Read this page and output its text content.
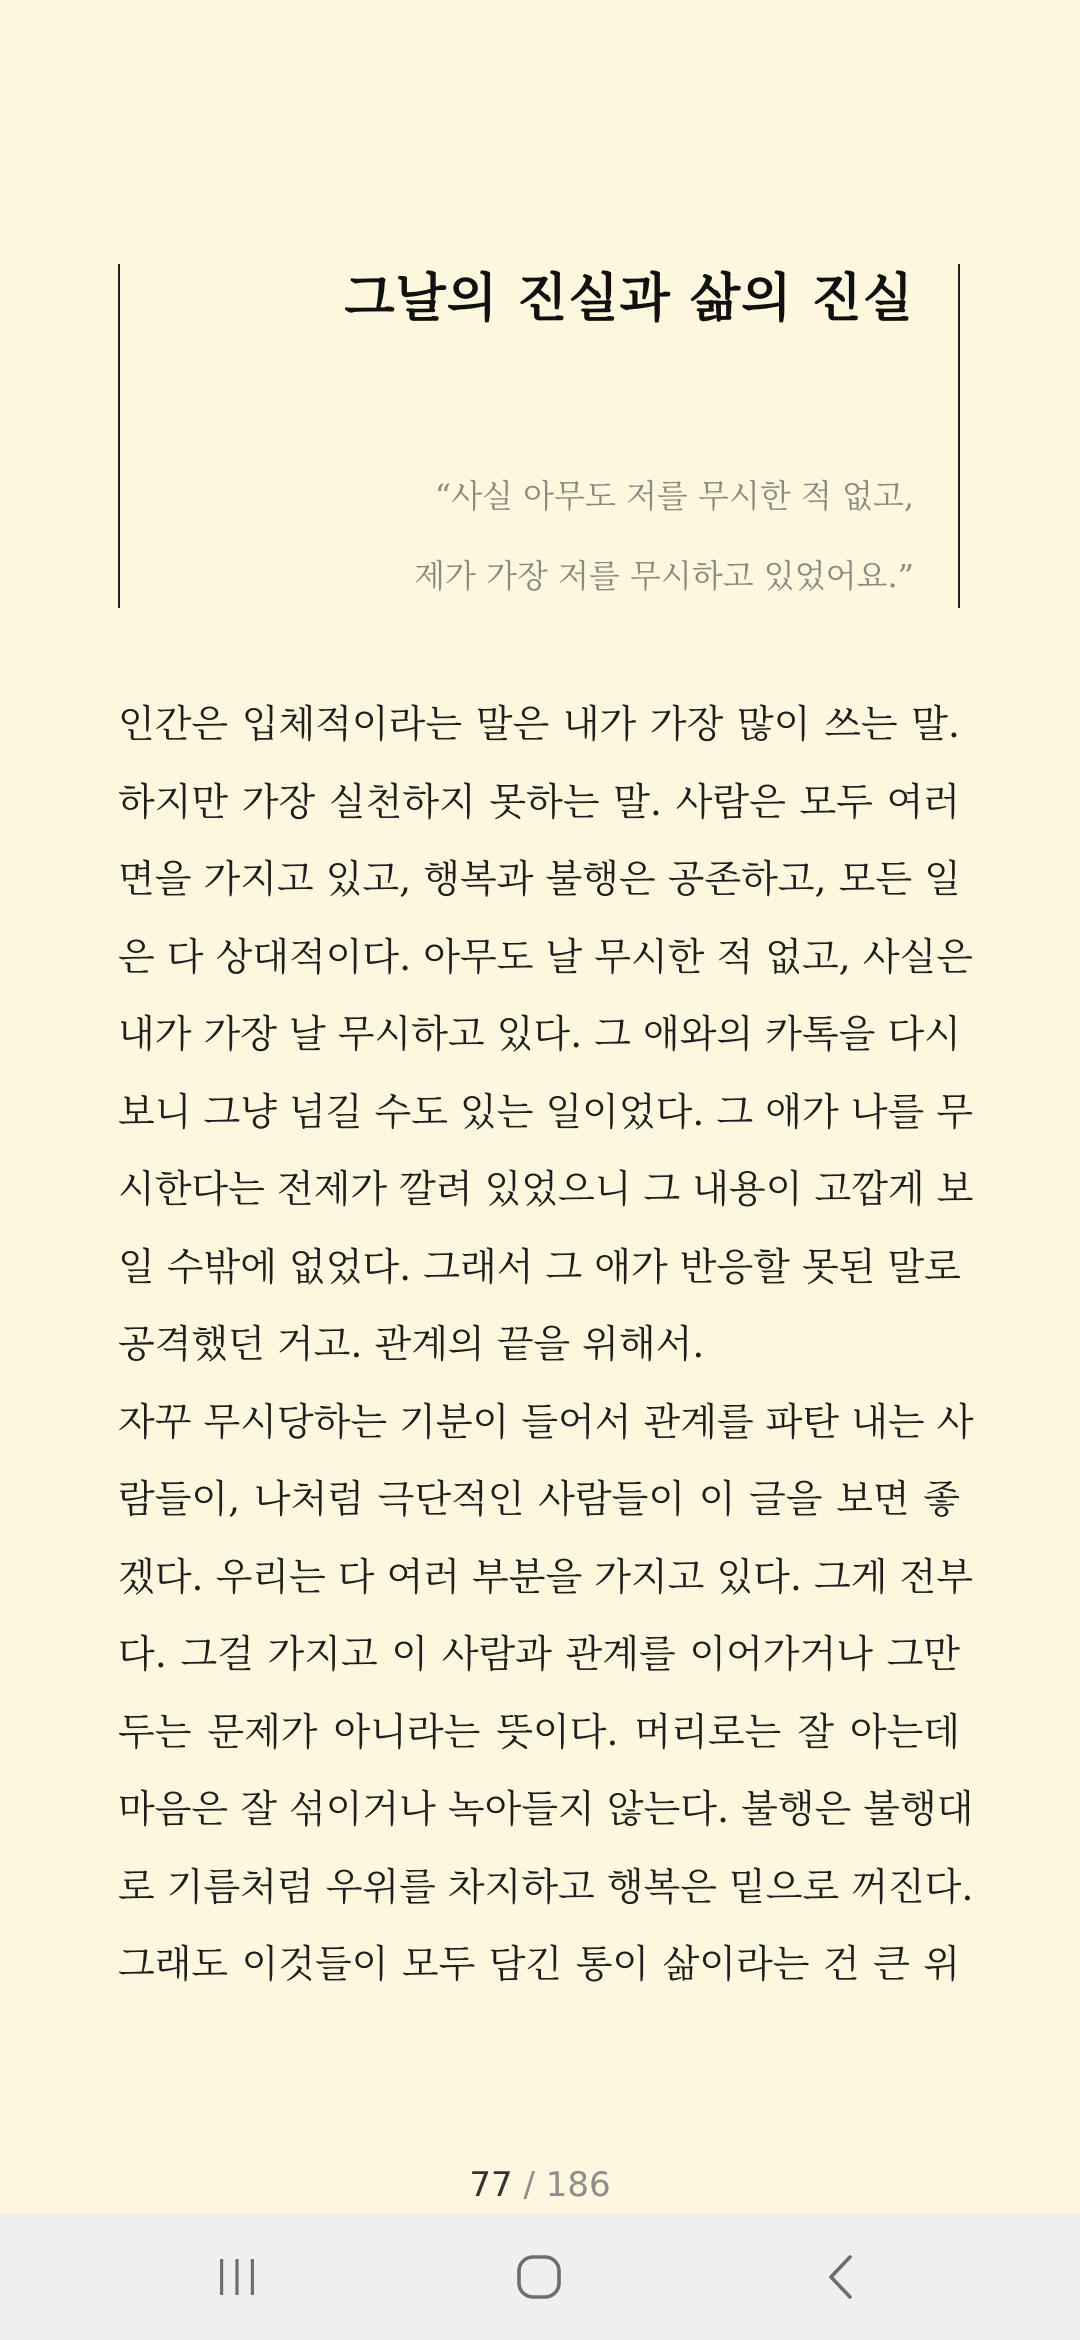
그날의 진실과 삶의 진실

“사실 아무도 저를 무시한 적 없고,
제가 가장 저를 무시하고 있었어요.”

인간은 입체적이라는 말은 내가 가장 많이 쓰는 말.
하지만 가장 실천하지 못하는 말. 사람은 모두 여러
면을 가지고 있고, 행복과 불행은 공존하고, 모든 일
은 다 상대적이다. 아무도 날 무시한 적 없고, 사실은
내가 가장 날 무시하고 있다. 그 애와의 카톡을 다시
보니 그냥 넘길 수도 있는 일이었다. 그 애가 나를 무
시한다는 전제가 깔려 있었으니 그 내용이 고깝게 보
일 수밖에 없었다. 그래서 그 애가 반응할 못된 말로
공격했던 거고. 관계의 끝을 위해서.
자꾸 무시당하는 기분이 들어서 관계를 파탄 내는 사
람들이, 나처럼 극단적인 사람들이 이 글을 보면 좋
겠다. 우리는 다 여러 부분을 가지고 있다. 그게 전부
다. 그걸 가지고 이 사람과 관계를 이어가거나 그만
두는 문제가 아니라는 뜻이다. 머리로는 잘 아는데
마음은 잘 섞이거나 녹아들지 않는다. 불행은 불행대
로 기름처럼 우위를 차지하고 행복은 밑으로 꺼진다.
그래도 이것들이 모두 담긴 통이 삶이라는 건 큰 위
77 / 186
